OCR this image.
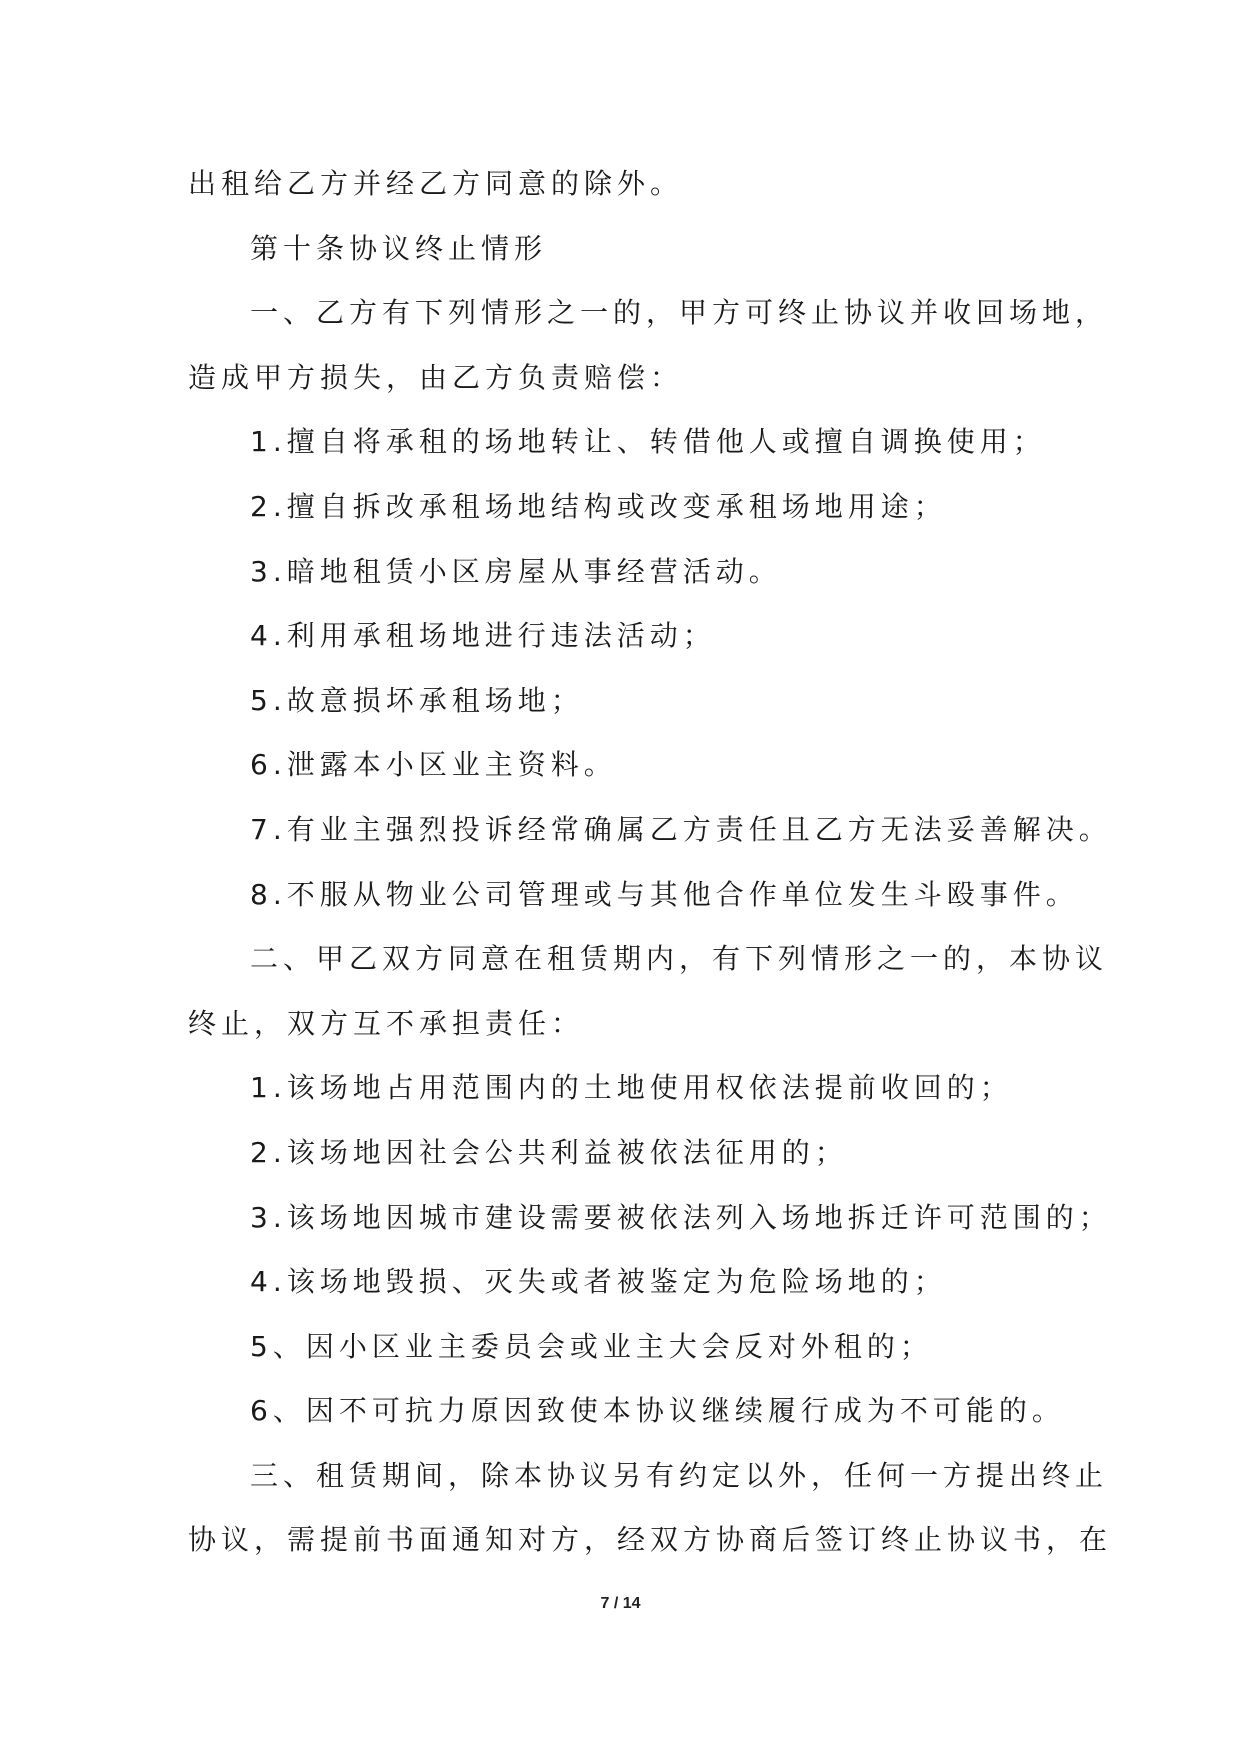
出租给乙方并经乙方同意的除外。
第十条协议终止情形
一、乙方有下列情形之一的，甲方可终止协议并收回场地，
造成甲方损失，由乙方负责赔偿：
1.擅自将承租的场地转让、转借他人或擅自调换使用；
2.擅自拆改承租场地结构或改变承租场地用途；
3.暗地租赁小区房屋从事经营活动。
4.利用承租场地进行违法活动；
5.故意损坏承租场地；
6.泄露本小区业主资料。
7.有业主强烈投诉经常确属乙方责任且乙方无法妥善解决。
8.不服从物业公司管理或与其他合作单位发生斗殴事件。
二、甲乙双方同意在租赁期内，有下列情形之一的，本协议
终止，双方互不承担责任：
1.该场地占用范围内的土地使用权依法提前收回的；
2.该场地因社会公共利益被依法征用的；
3.该场地因城市建设需要被依法列入场地拆迁许可范围的；
4.该场地毁损、灭失或者被鉴定为危险场地的；
5、因小区业主委员会或业主大会反对外租的；
6、因不可抗力原因致使本协议继续履行成为不可能的。
三、租赁期间，除本协议另有约定以外，任何一方提出终止
协议，需提前书面通知对方，经双方协商后签订终止协议书，在
7 / 14
